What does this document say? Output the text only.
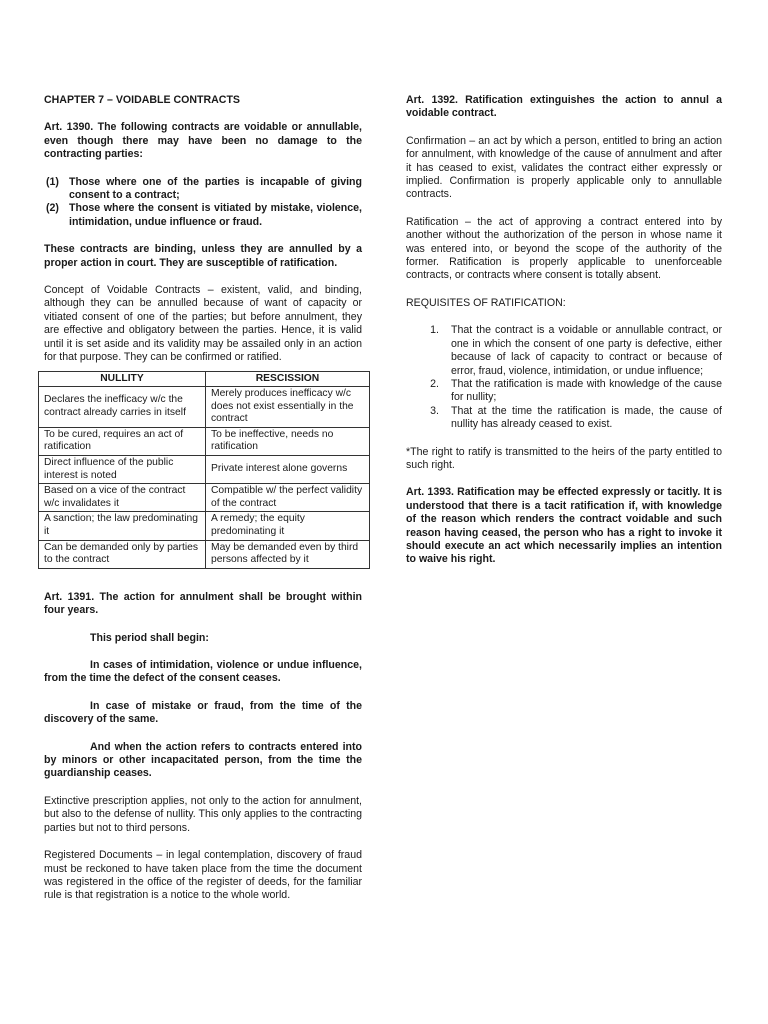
CHAPTER 7 – VOIDABLE CONTRACTS

Art. 1390. The following contracts are voidable or annullable, even though there may have been no damage to the contracting parties:

(1) Those where one of the parties is incapable of giving consent to a contract;
(2) Those where the consent is vitiated by mistake, violence, intimidation, undue influence or fraud.

These contracts are binding, unless they are annulled by a proper action in court. They are susceptible of ratification.

Concept of Voidable Contracts – existent, valid, and binding, although they can be annulled because of want of capacity or vitiated consent of one of the parties; but before annulment, they are effective and obligatory between the parties. Hence, it is valid until it is set aside and its validity may be assailed only in an action for that purpose. They can be confirmed or ratified.

NULLITY	RESCISSION
Declares the inefficacy w/c the contract already carries in itself	Merely produces inefficacy w/c does not exist essentially in the contract
To be cured, requires an act of ratification	To be ineffective, needs no ratification
Direct influence of the public interest is noted	Private interest alone governs
Based on a vice of the contract w/c invalidates it	Compatible w/ the perfect validity of the contract
A sanction; the law predominating it	A remedy; the equity predominating it
Can be demanded only by parties to the contract	May be demanded even by third persons affected by it

Art. 1391. The action for annulment shall be brought within four years.

This period shall begin:

In cases of intimidation, violence or undue influence, from the time the defect of the consent ceases.

In case of mistake or fraud, from the time of the discovery of the same.

And when the action refers to contracts entered into by minors or other incapacitated person, from the time the guardianship ceases.

Extinctive prescription applies, not only to the action for annulment, but also to the defense of nullity. This only applies to the contracting parties but not to third persons.

Registered Documents – in legal contemplation, discovery of fraud must be reckoned to have taken place from the time the document was registered in the office of the register of deeds, for the familiar rule is that registration is a notice to the whole world.

Art. 1392. Ratification extinguishes the action to annul a voidable contract.

Confirmation – an act by which a person, entitled to bring an action for annulment, with knowledge of the cause of annulment and after it has ceased to exist, validates the contract either expressly or implied. Confirmation is properly applicable only to annullable contracts.

Ratification – the act of approving a contract entered into by another without the authorization of the person in whose name it was entered into, or beyond the scope of the authority of the former. Ratification is properly applicable to unenforceable contracts, or contracts where consent is totally absent.

REQUISITES OF RATIFICATION:

1.	That the contract is a voidable or annullable contract, or one in which the consent of one party is defective, either because of lack of capacity to contract or because of error, fraud, violence, intimidation, or undue influence;
2.	That the ratification is made with knowledge of the cause for nullity;
3.	That at the time the ratification is made, the cause of nullity has already ceased to exist.

*The right to ratify is transmitted to the heirs of the party entitled to such right.

Art. 1393. Ratification may be effected expressly or tacitly. It is understood that there is a tacit ratification if, with knowledge of the reason which renders the contract voidable and such reason having ceased, the person who has a right to invoke it should execute an act which necessarily implies an intention to waive his right.
